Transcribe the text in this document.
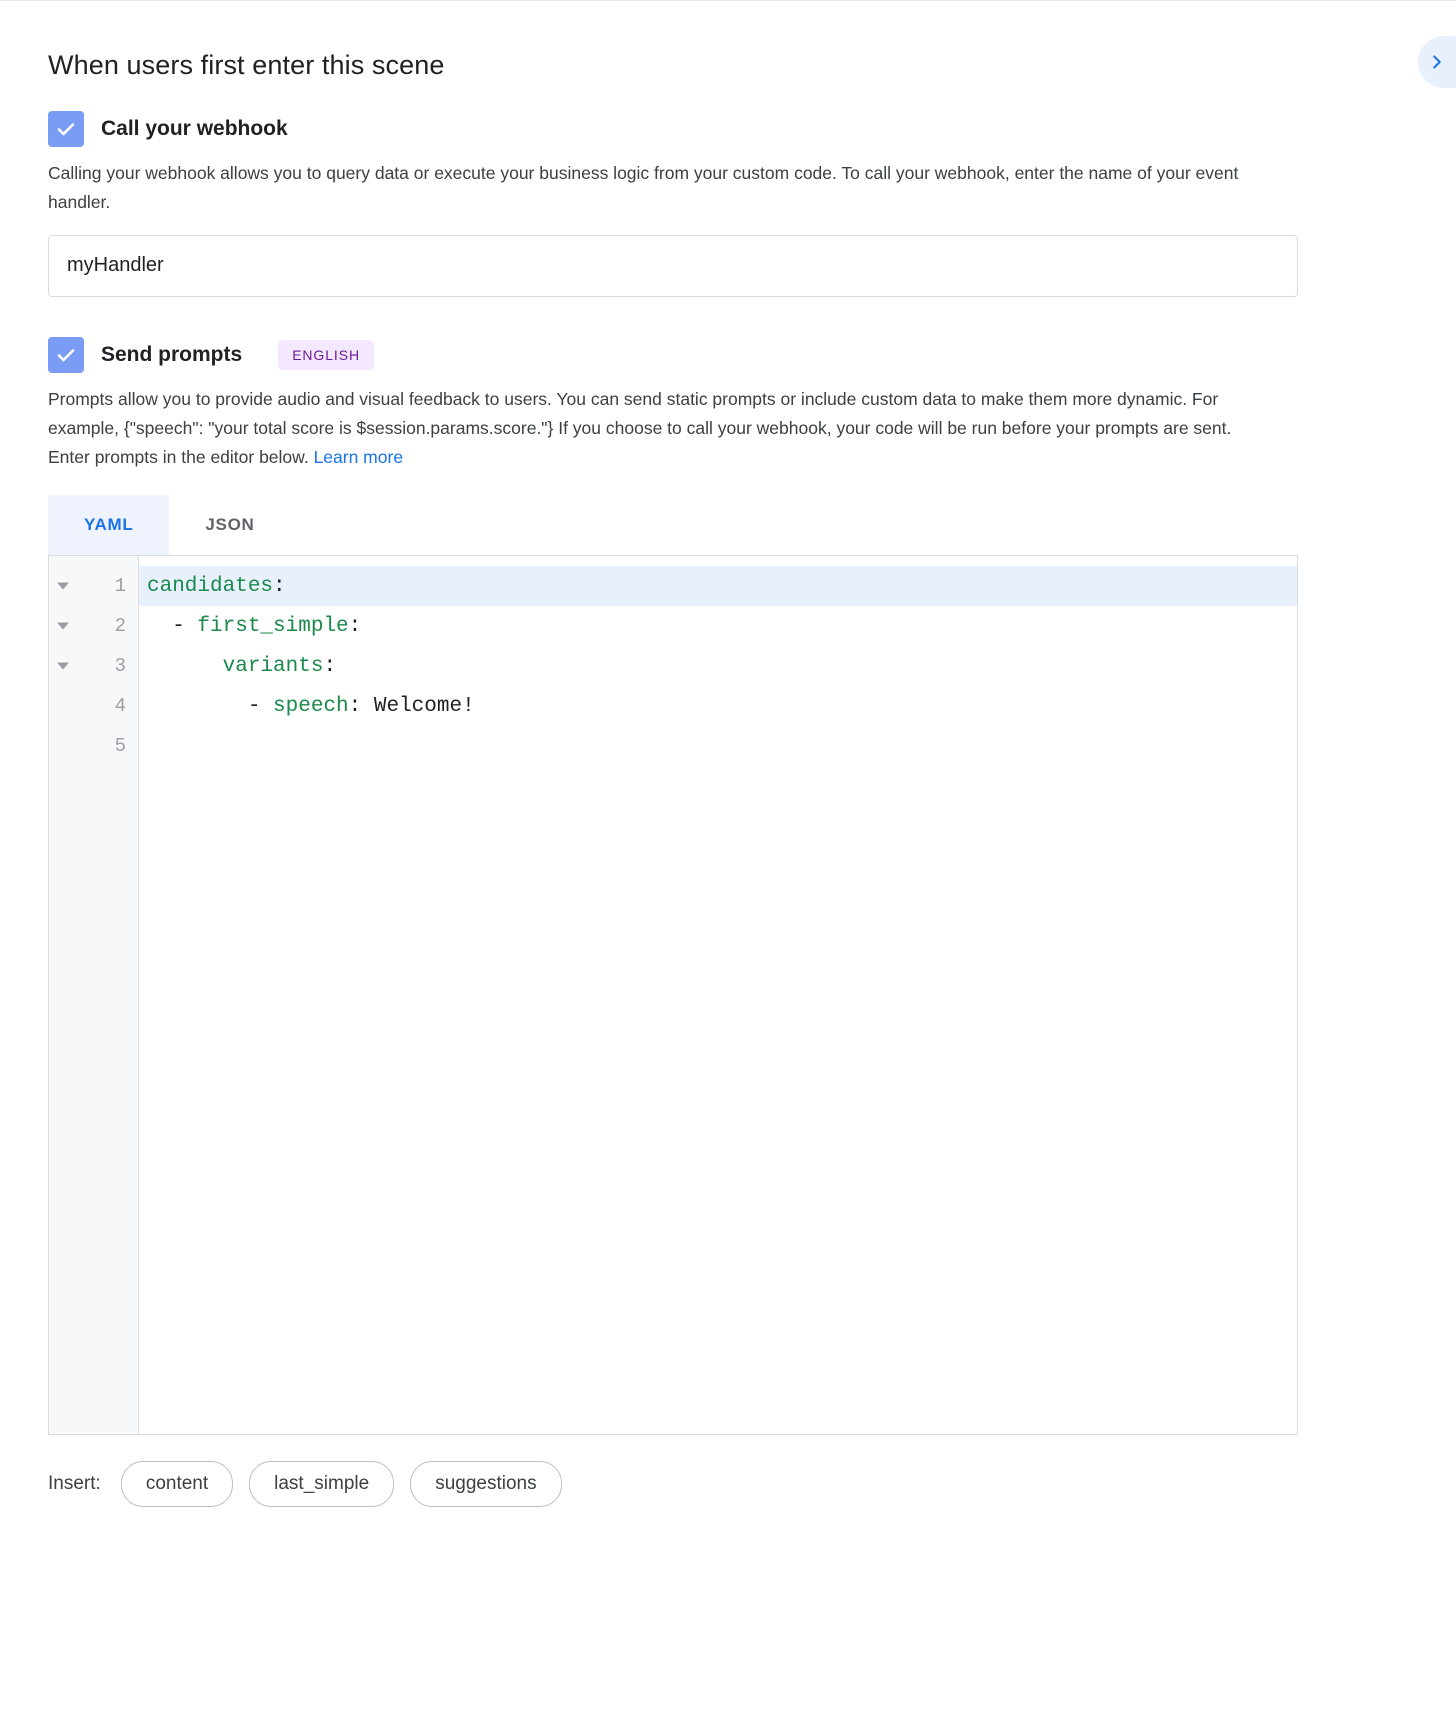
When users first enter this scene
Call your webhook
Calling your webhook allows you to query data or execute your business logic from your custom code. To call your webhook, enter the name of your event handler.
myHandler
Send prompts	ENGLISH
Prompts allow you to provide audio and visual feedback to users. You can send static prompts or include custom data to make them more dynamic. For example, {"speech": "your total score is $session.params.score."} If you choose to call your webhook, your code will be run before your prompts are sent. Enter prompts in the editor below. Learn more
YAML	JSON
1
2
3
4
5
candidates :
- first_simple :

variants :
- speech : Welcome!
Insert:	content	last_simple	suggestions
